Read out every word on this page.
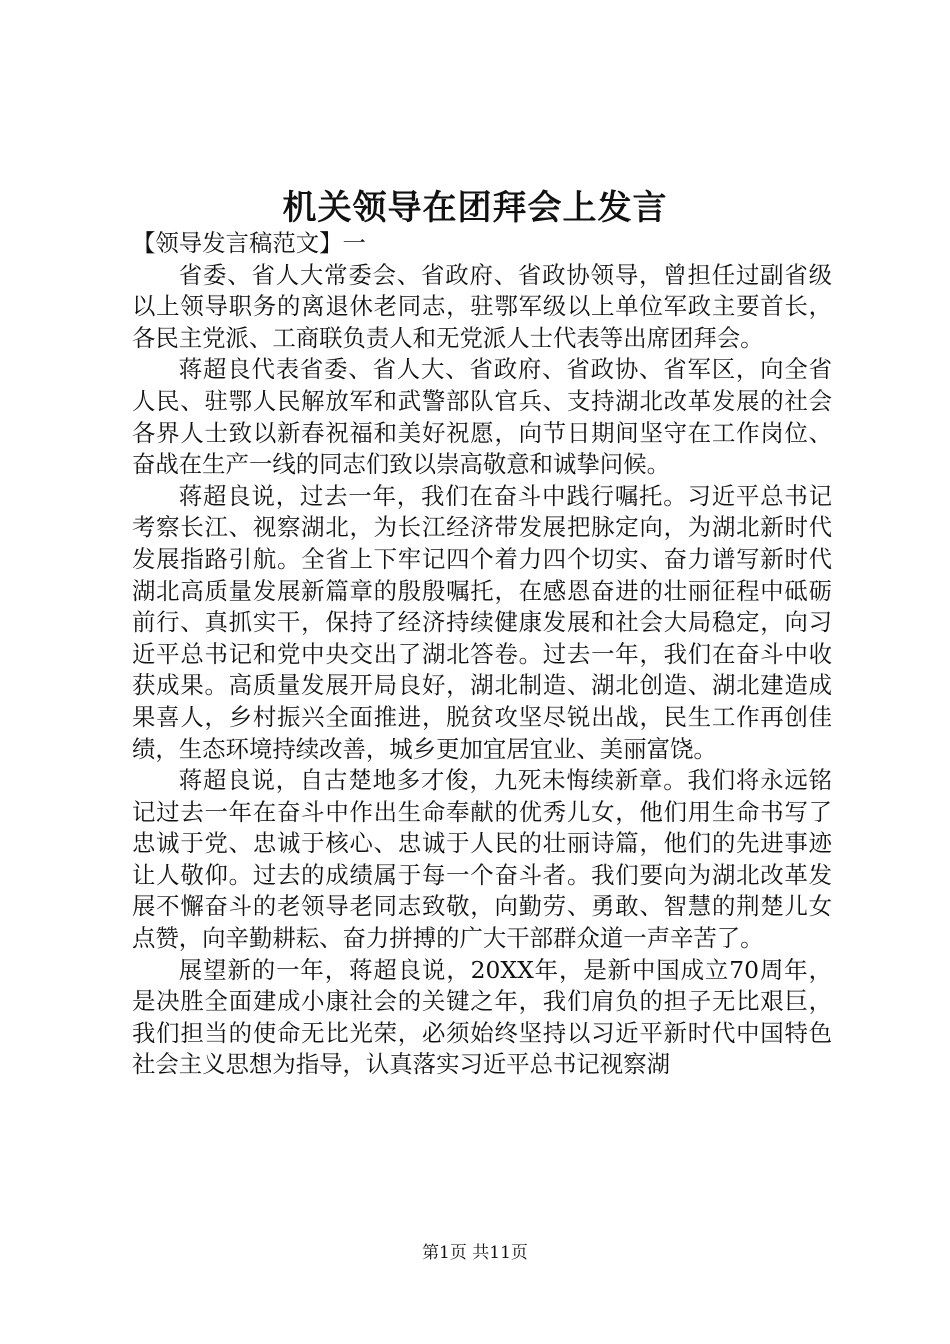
机关领导在团拜会上发言

【领导发言稿范文】一

省委、省人大常委会、省政府、省政协领导，曾担任过副省级以上领导职务的离退休老同志，驻鄂军级以上单位军政主要首长，各民主党派、工商联负责人和无党派人士代表等出席团拜会。

蒋超良代表省委、省人大、省政府、省政协、省军区，向全省人民、驻鄂人民解放军和武警部队官兵、支持湖北改革发展的社会各界人士致以新春祝福和美好祝愿，向节日期间坚守在工作岗位、奋战在生产一线的同志们致以崇高敬意和诚挚问候。

蒋超良说，过去一年，我们在奋斗中践行嘱托。习近平总书记考察长江、视察湖北，为长江经济带发展把脉定向，为湖北新时代发展指路引航。全省上下牢记四个着力四个切实、奋力谱写新时代湖北高质量发展新篇章的殷殷嘱托，在感恩奋进的壮丽征程中砥砺前行、真抓实干，保持了经济持续健康发展和社会大局稳定，向习近平总书记和党中央交出了湖北答卷。过去一年，我们在奋斗中收获成果。高质量发展开局良好，湖北制造、湖北创造、湖北建造成果喜人，乡村振兴全面推进，脱贫攻坚尽锐出战，民生工作再创佳绩，生态环境持续改善，城乡更加宜居宜业、美丽富饶。

蒋超良说，自古楚地多才俊，九死未悔续新章。我们将永远铭记过去一年在奋斗中作出生命奉献的优秀儿女，他们用生命书写了忠诚于党、忠诚于核心、忠诚于人民的壮丽诗篇，他们的先进事迹让人敬仰。过去的成绩属于每一个奋斗者。我们要向为湖北改革发展不懈奋斗的老领导老同志致敬，向勤劳、勇敢、智慧的荆楚儿女点赞，向辛勤耕耘、奋力拼搏的广大干部群众道一声辛苦了。

展望新的一年，蒋超良说，20XX年，是新中国成立70周年，是决胜全面建成小康社会的关键之年，我们肩负的担子无比艰巨，我们担当的使命无比光荣，必须始终坚持以习近平新时代中国特色社会主义思想为指导，认真落实习近平总书记视察湖

第1页 共11页
